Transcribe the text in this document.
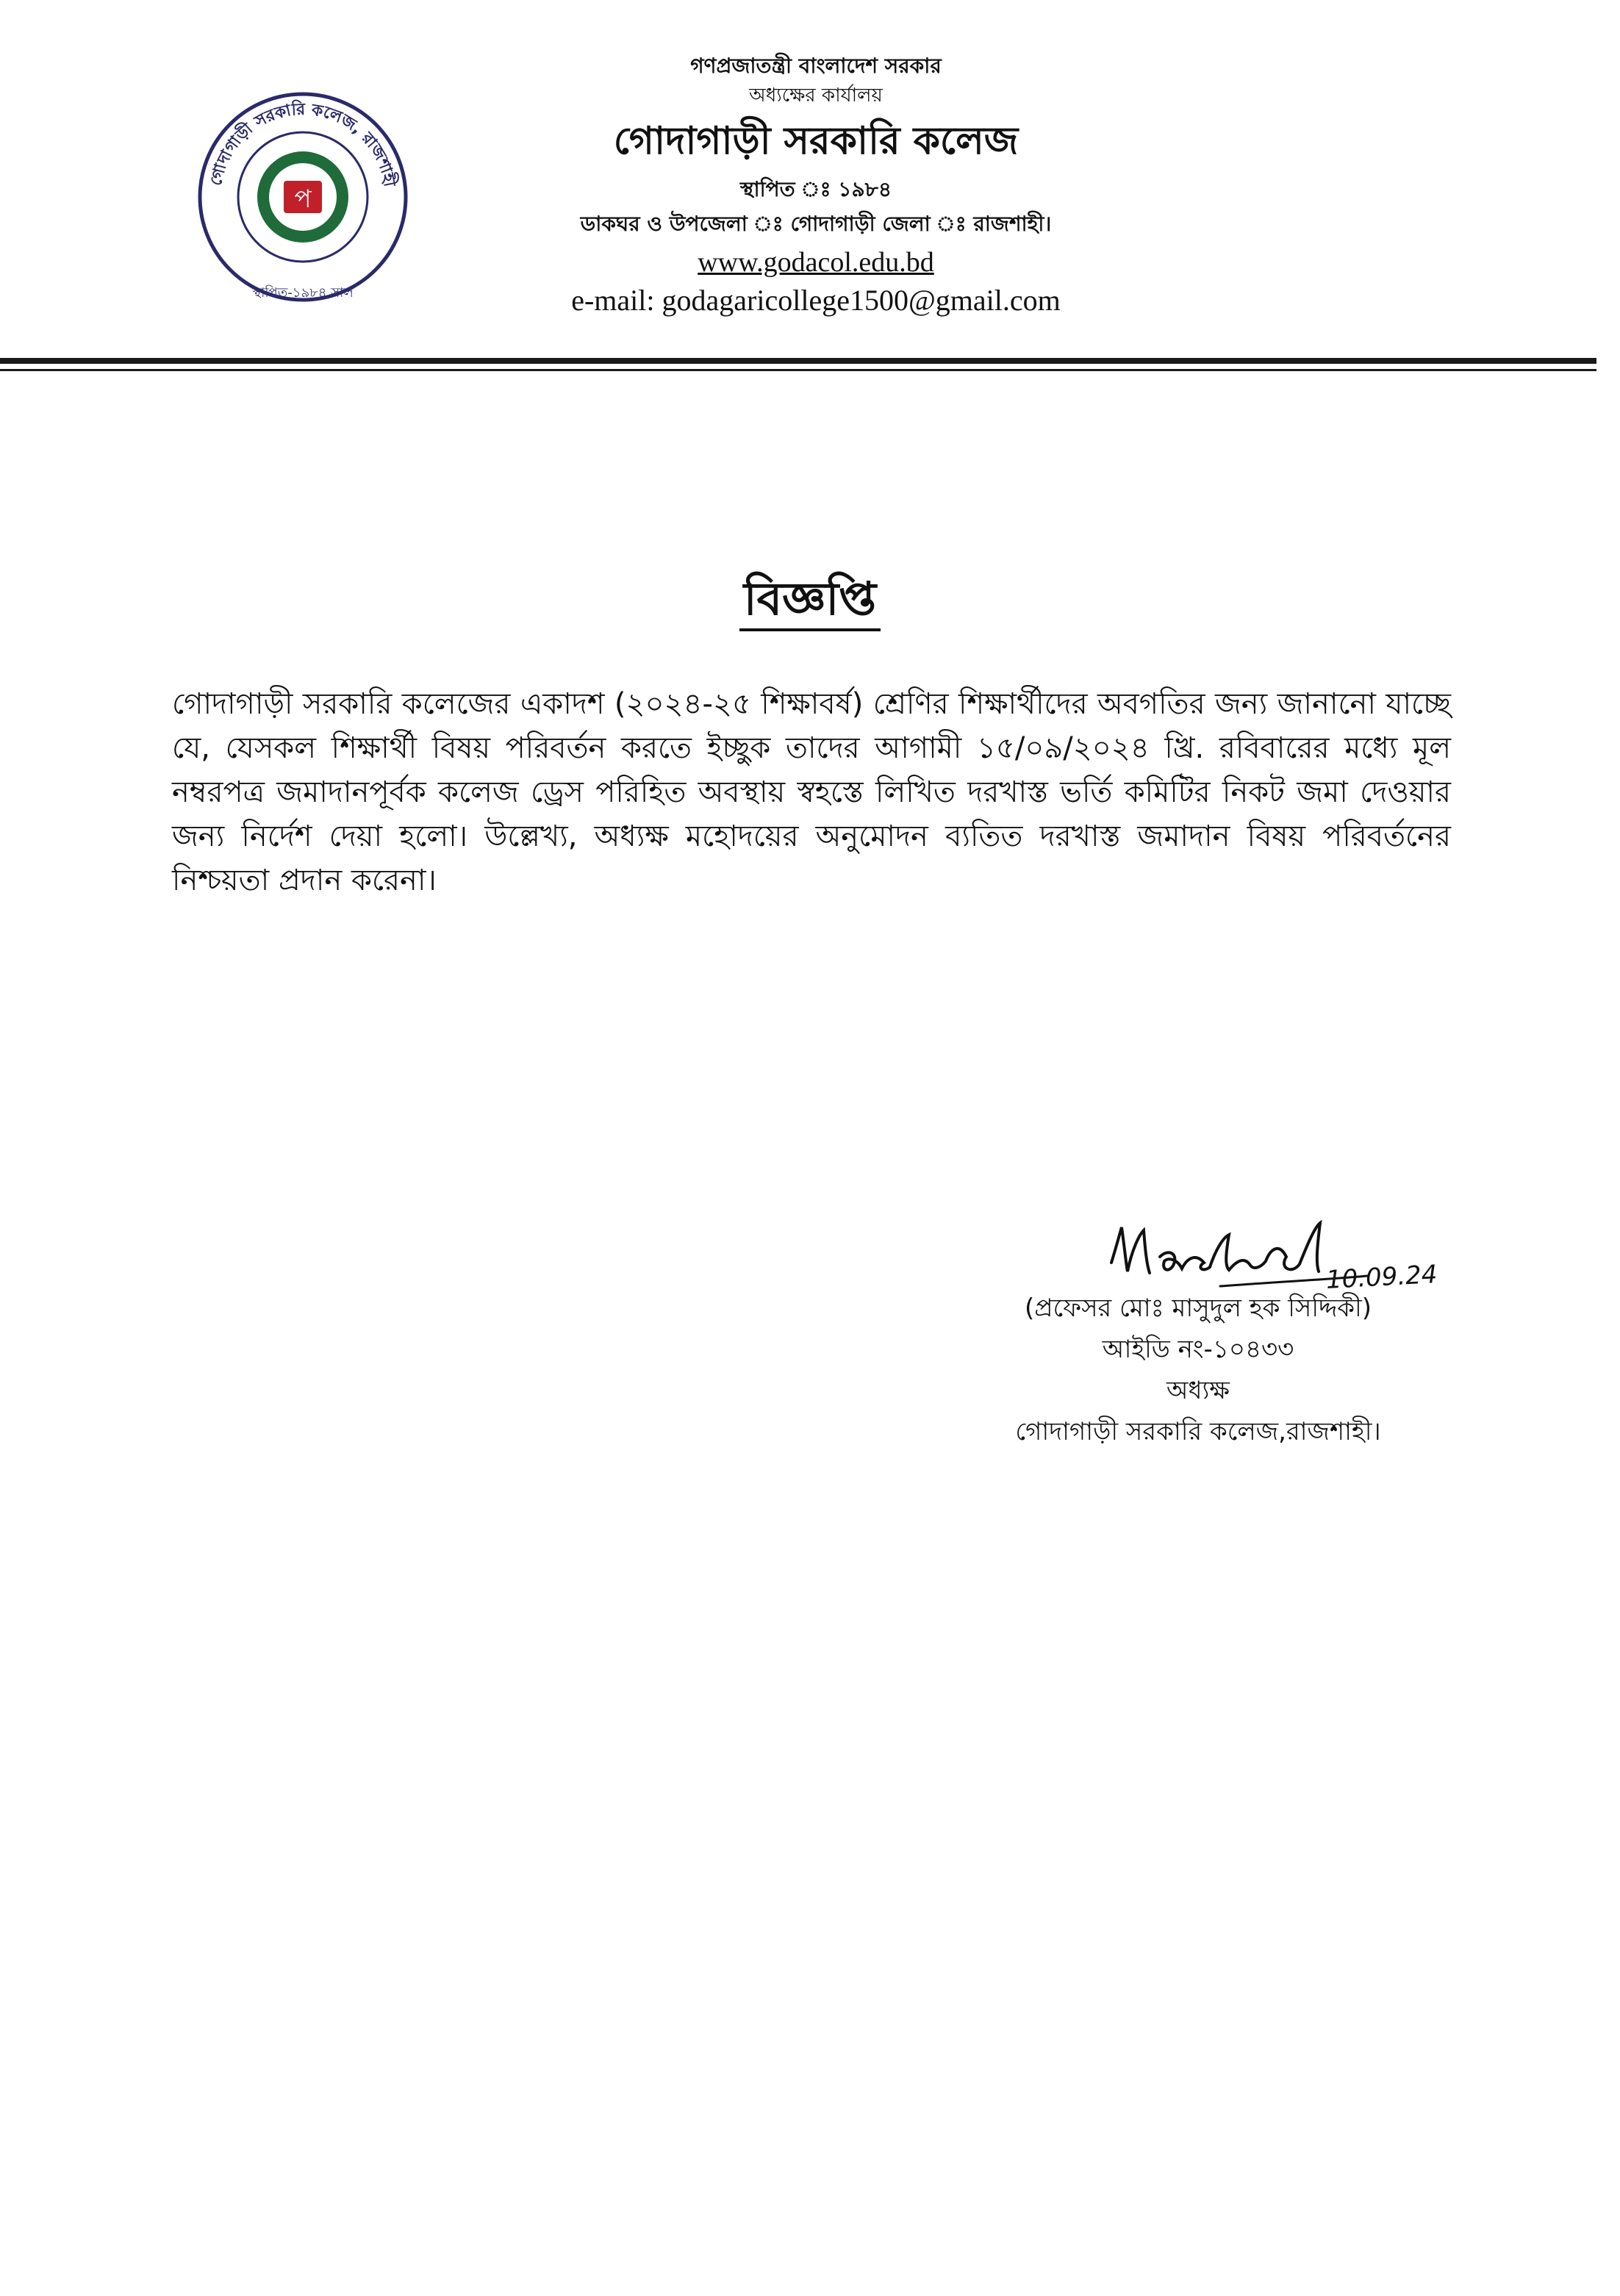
প
গোদাগাড়ী সরকারি কলেজ, রাজশাহী
স্থাপিত-১৯৮৪ সাল

গণপ্রজাতন্ত্রী বাংলাদেশ সরকার

অধ্যক্ষের কার্যালয়

গোদাগাড়ী সরকারি কলেজ

স্থাপিত ঃ ১৯৮৪

ডাকঘর ও উপজেলা ঃ গোদাগাড়ী জেলা ঃ রাজশাহী।

www.godacol.edu.bd

e-mail: godagaricollege1500@gmail.com

বিজ্ঞপ্তি

গোদাগাড়ী সরকারি কলেজের একাদশ (২০২৪-২৫ শিক্ষাবর্ষ) শ্রেণির শিক্ষার্থীদের অবগতির জন্য জানানো যাচ্ছে যে, যেসকল শিক্ষার্থী বিষয় পরিবর্তন করতে ইচ্ছুক তাদের আগামী ১৫/০৯/২০২৪ খ্রি. রবিবারের মধ্যে মূল নম্বরপত্র জমাদানপূর্বক কলেজ ড্রেস পরিহিত অবস্থায় স্বহস্তে লিখিত দরখাস্ত ভর্তি কমিটির নিকট জমা দেওয়ার জন্য নির্দেশ দেয়া হলো। উল্লেখ্য, অধ্যক্ষ মহোদয়ের অনুমোদন ব্যতিত দরখাস্ত জমাদান বিষয় পরিবর্তনের নিশ্চয়তা প্রদান করেনা।

10.09.24

(প্রফেসর মোঃ মাসুদুল হক সিদ্দিকী)

আইডি নং-১০৪৩৩

অধ্যক্ষ

গোদাগাড়ী সরকারি কলেজ,রাজশাহী।
